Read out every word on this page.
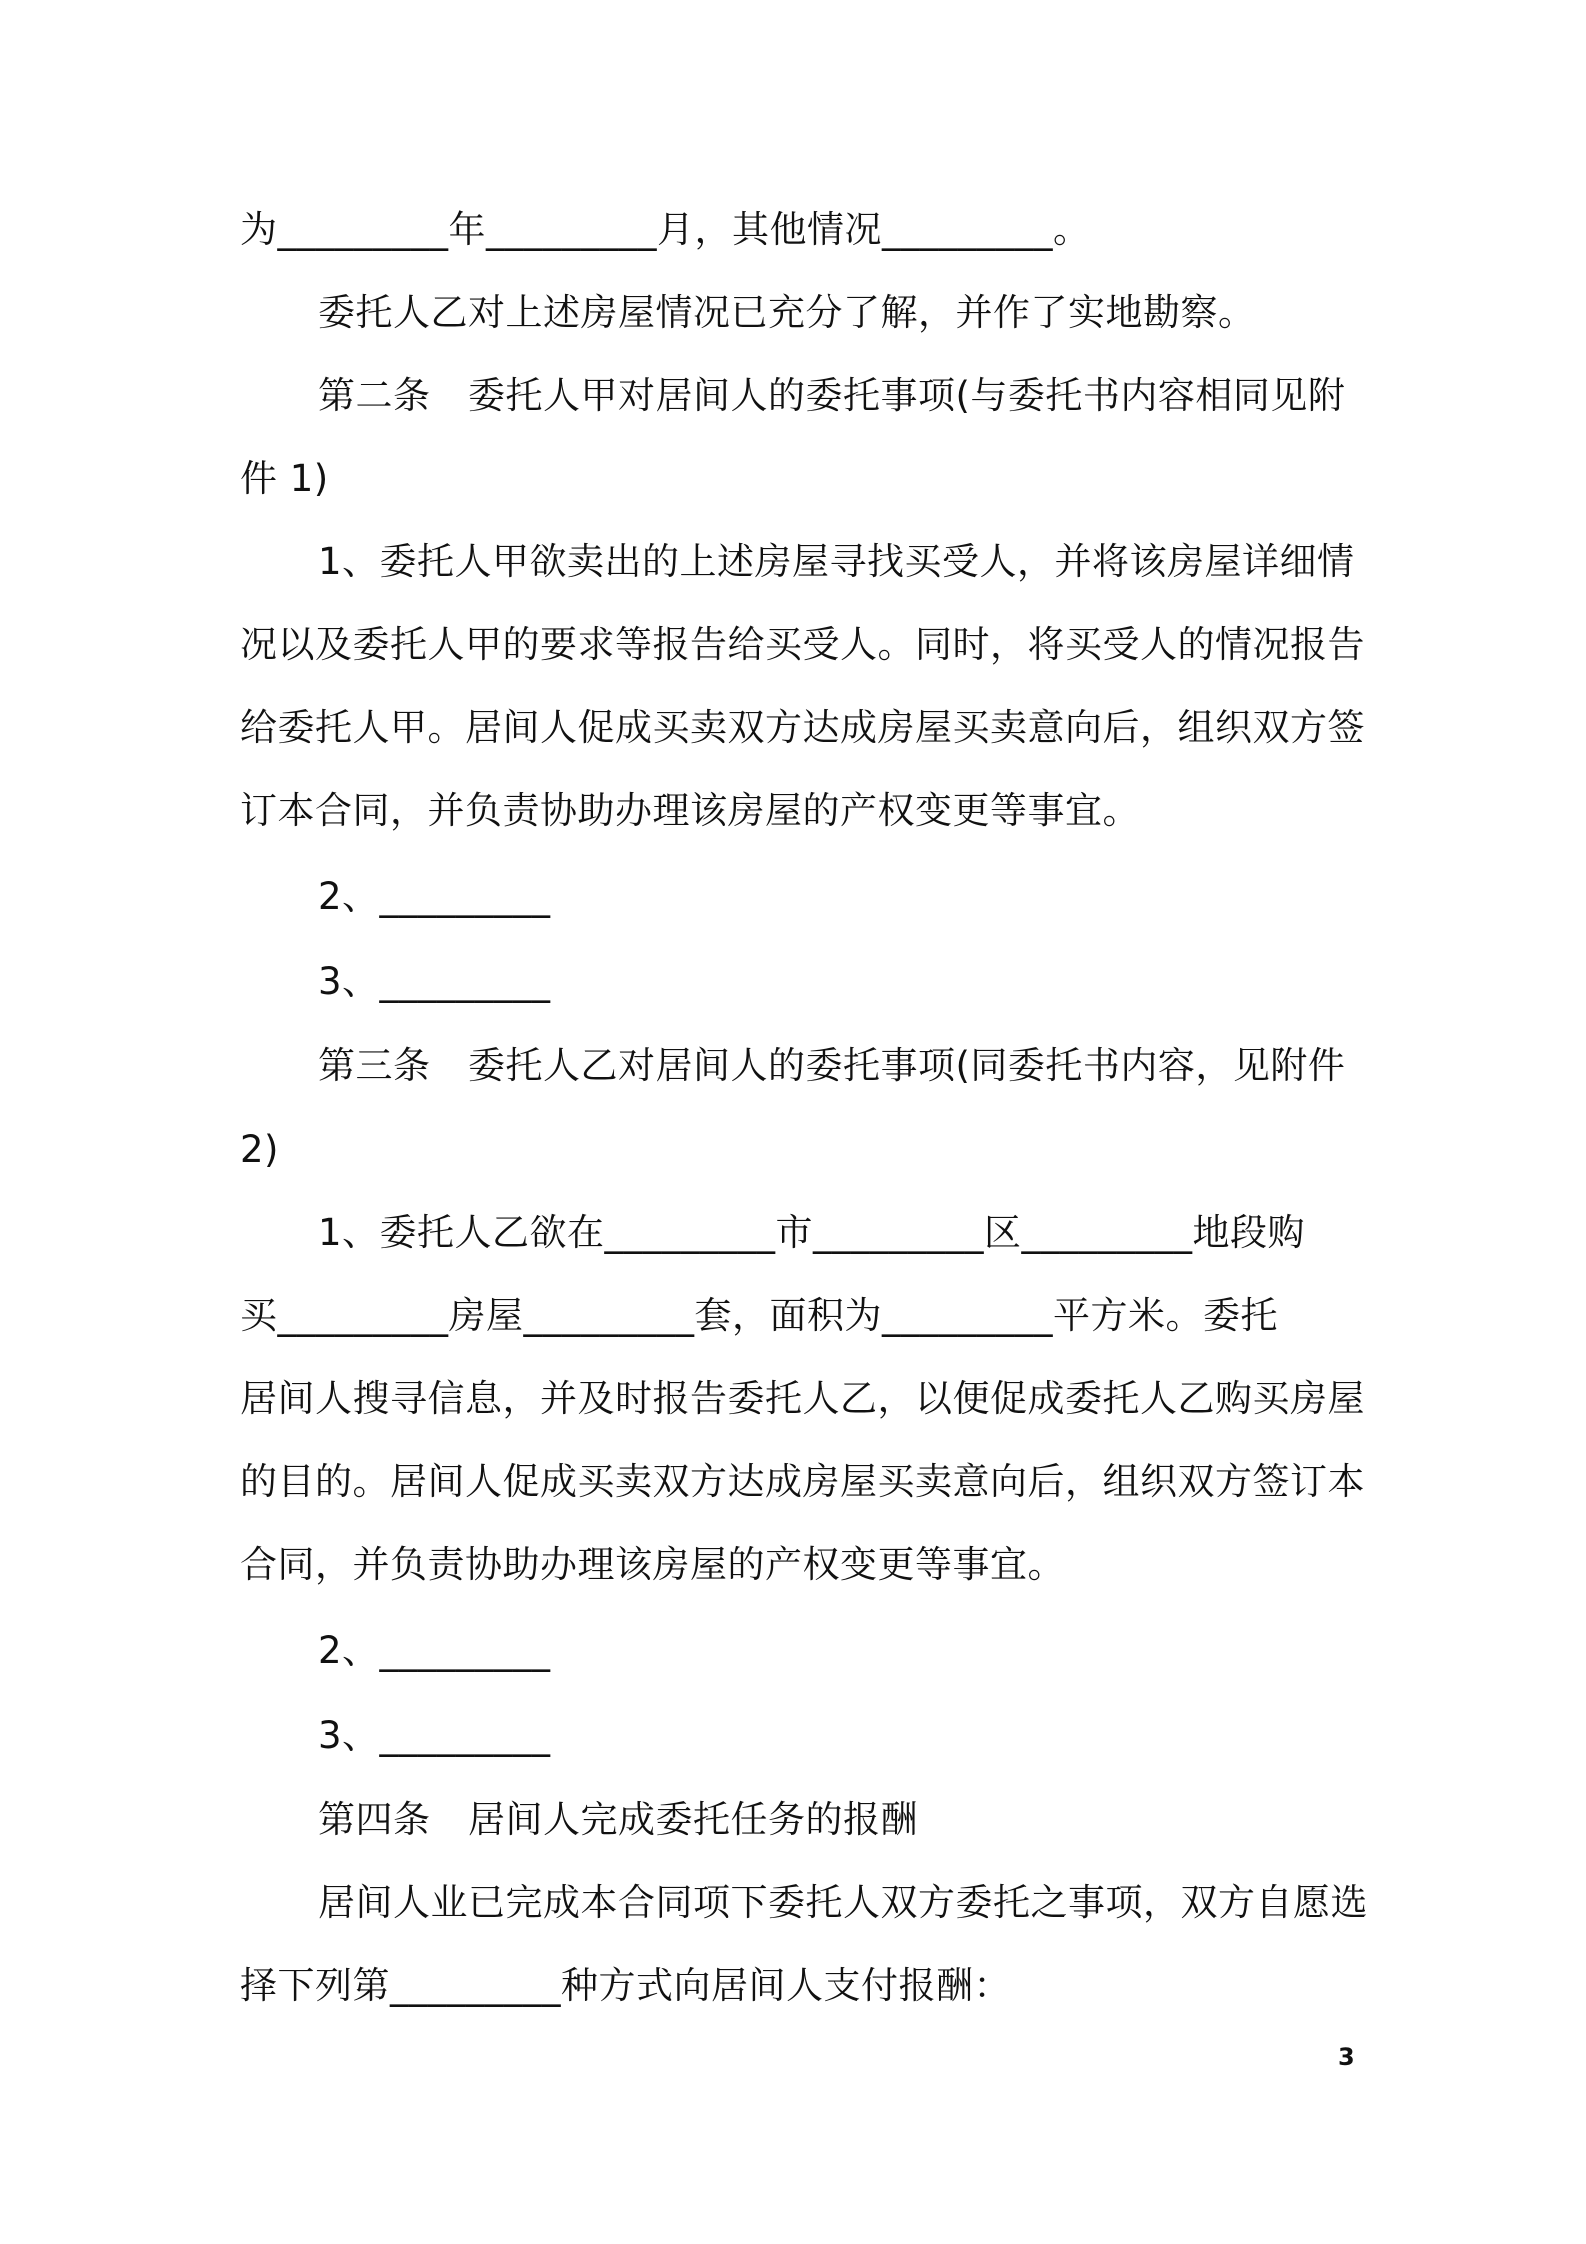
为_________年_________月，其他情况_________。
委托人乙对上述房屋情况已充分了解，并作了实地勘察。
第二条　委托人甲对居间人的委托事项(与委托书内容相同见附
件 1)
1、委托人甲欲卖出的上述房屋寻找买受人，并将该房屋详细情
况以及委托人甲的要求等报告给买受人。同时，将买受人的情况报告
给委托人甲。居间人促成买卖双方达成房屋买卖意向后，组织双方签
订本合同，并负责协助办理该房屋的产权变更等事宜。
2、_________
3、_________
第三条　委托人乙对居间人的委托事项(同委托书内容，见附件
2)
1、委托人乙欲在_________市_________区_________地段购
买_________房屋_________套，面积为_________平方米。委托
居间人搜寻信息，并及时报告委托人乙，以便促成委托人乙购买房屋
的目的。居间人促成买卖双方达成房屋买卖意向后，组织双方签订本
合同，并负责协助办理该房屋的产权变更等事宜。
2、_________
3、_________
第四条　居间人完成委托任务的报酬
居间人业已完成本合同项下委托人双方委托之事项，双方自愿选
择下列第_________种方式向居间人支付报酬：
3
